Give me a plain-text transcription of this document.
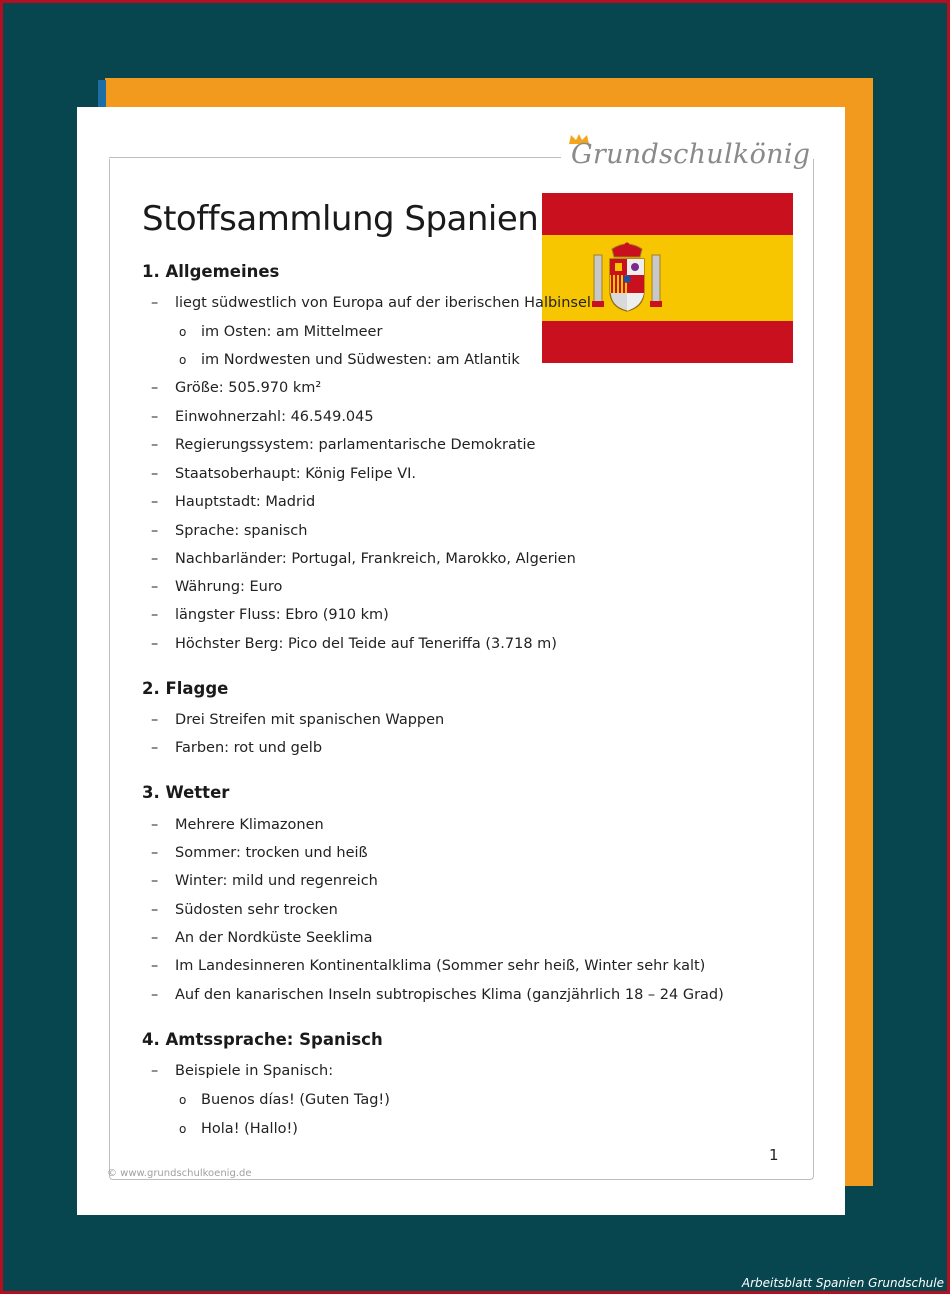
Grundschulkönig
Stoffsammlung Spanien
1. Allgemeines
– liegt südwestlich von Europa auf der iberischen Halbinsel
o im Osten: am Mittelmeer
o im Nordwesten und Südwesten: am Atlantik
– Größe: 505.970 km²
– Einwohnerzahl: 46.549.045
– Regierungssystem: parlamentarische Demokratie
– Staatsoberhaupt: König Felipe VI.
– Hauptstadt: Madrid
– Sprache: spanisch
– Nachbarländer: Portugal, Frankreich, Marokko, Algerien
– Währung: Euro
– längster Fluss: Ebro (910 km)
– Höchster Berg: Pico del Teide auf Teneriffa (3.718 m)
2. Flagge
– Drei Streifen mit spanischen Wappen
– Farben: rot und gelb
3. Wetter
– Mehrere Klimazonen
– Sommer: trocken und heiß
– Winter: mild und regenreich
– Südosten sehr trocken
– An der Nordküste Seeklima
– Im Landesinneren Kontinentalklima (Sommer sehr heiß, Winter sehr kalt)
– Auf den kanarischen Inseln subtropisches Klima (ganzjährlich 18 – 24 Grad)
4. Amtssprache: Spanisch
– Beispiele in Spanisch:
o Buenos días! (Guten Tag!)
o Hola! (Hallo!)
1
© www.grundschulkoenig.de
Arbeitsblatt Spanien Grundschule
